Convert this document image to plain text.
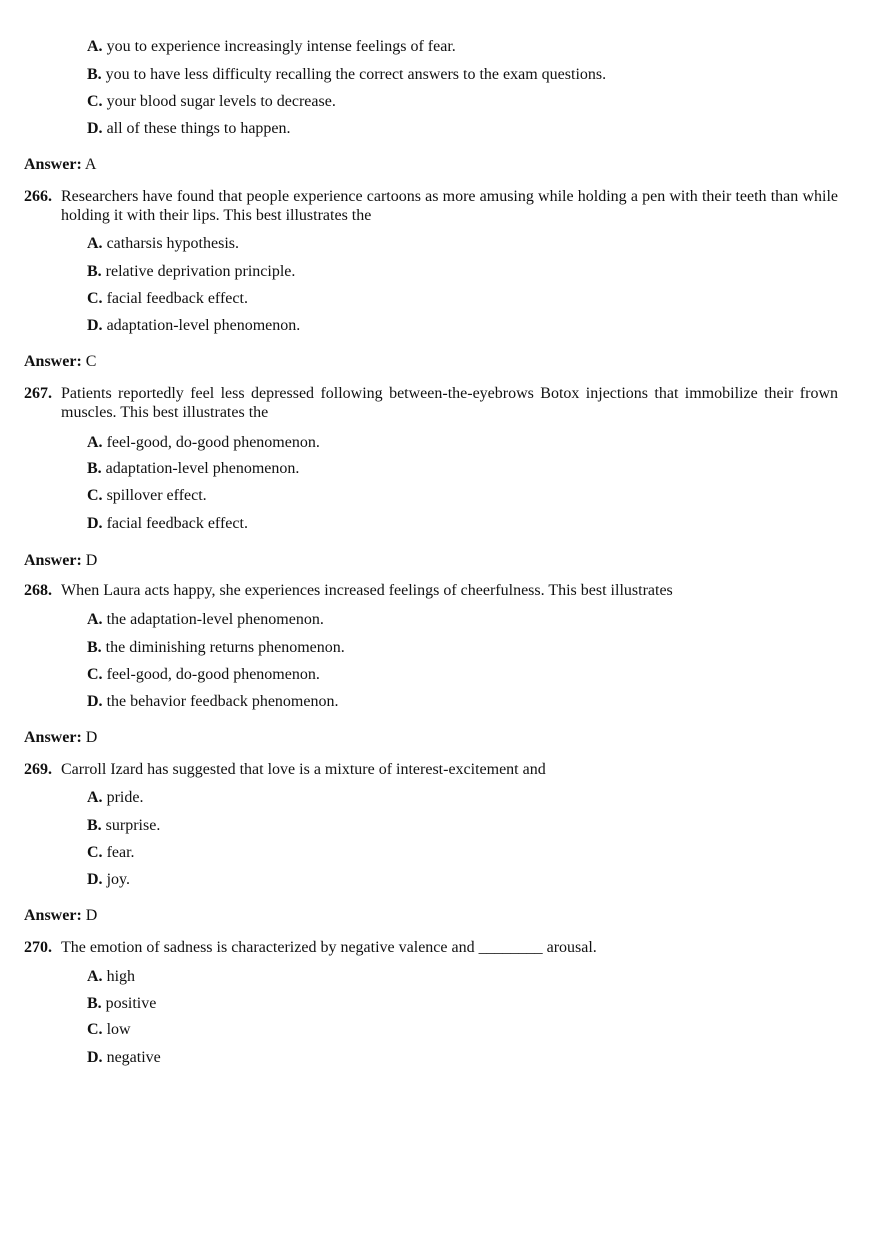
A. you to experience increasingly intense feelings of fear.
B. you to have less difficulty recalling the correct answers to the exam questions.
C. your blood sugar levels to decrease.
D. all of these things to happen.
Answer: A
266. Researchers have found that people experience cartoons as more amusing while holding a pen with their teeth than while holding it with their lips. This best illustrates the
A. catharsis hypothesis.
B. relative deprivation principle.
C. facial feedback effect.
D. adaptation-level phenomenon.
Answer: C
267. Patients reportedly feel less depressed following between-the-eyebrows Botox injections that immobilize their frown muscles. This best illustrates the
A. feel-good, do-good phenomenon.
B. adaptation-level phenomenon.
C. spillover effect.
D. facial feedback effect.
Answer: D
268. When Laura acts happy, she experiences increased feelings of cheerfulness. This best illustrates
A. the adaptation-level phenomenon.
B. the diminishing returns phenomenon.
C. feel-good, do-good phenomenon.
D. the behavior feedback phenomenon.
Answer: D
269. Carroll Izard has suggested that love is a mixture of interest-excitement and
A. pride.
B. surprise.
C. fear.
D. joy.
Answer: D
270. The emotion of sadness is characterized by negative valence and ________ arousal.
A. high
B. positive
C. low
D. negative
